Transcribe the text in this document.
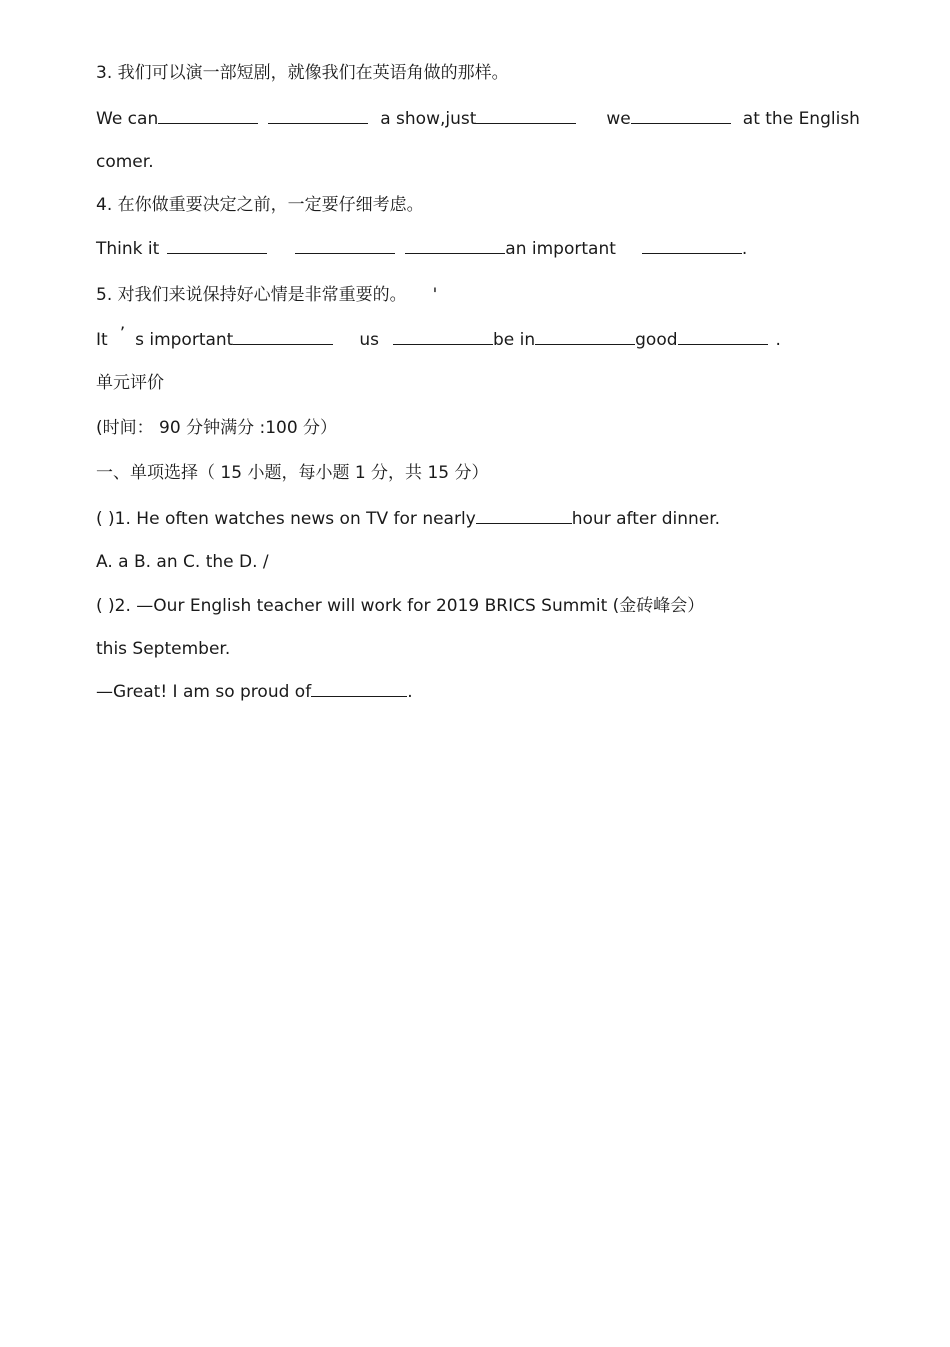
3. 我们可以演一部短剧，就像我们在英语角做的那样。
We can	a show,just	we	at the English
comer.
4. 在你做重要决定之前，一定要仔细考虑。
Think it	an important	.
5. 对我们来说保持好心情是非常重要的。 '
It ’ s important	us	be in	good	.
单元评价
(时间： 90 分钟满分 :100 分）
一、单项选择（ 15 小题，每小题 1 分，共 15 分）
( )1. He often watches news on TV for nearly	hour after dinner.
A. a B. an C. the D. /
( )2. —Our English teacher will work for 2019 BRICS Summit (金砖峰会）
this September.
—Great! I am so proud of	.
